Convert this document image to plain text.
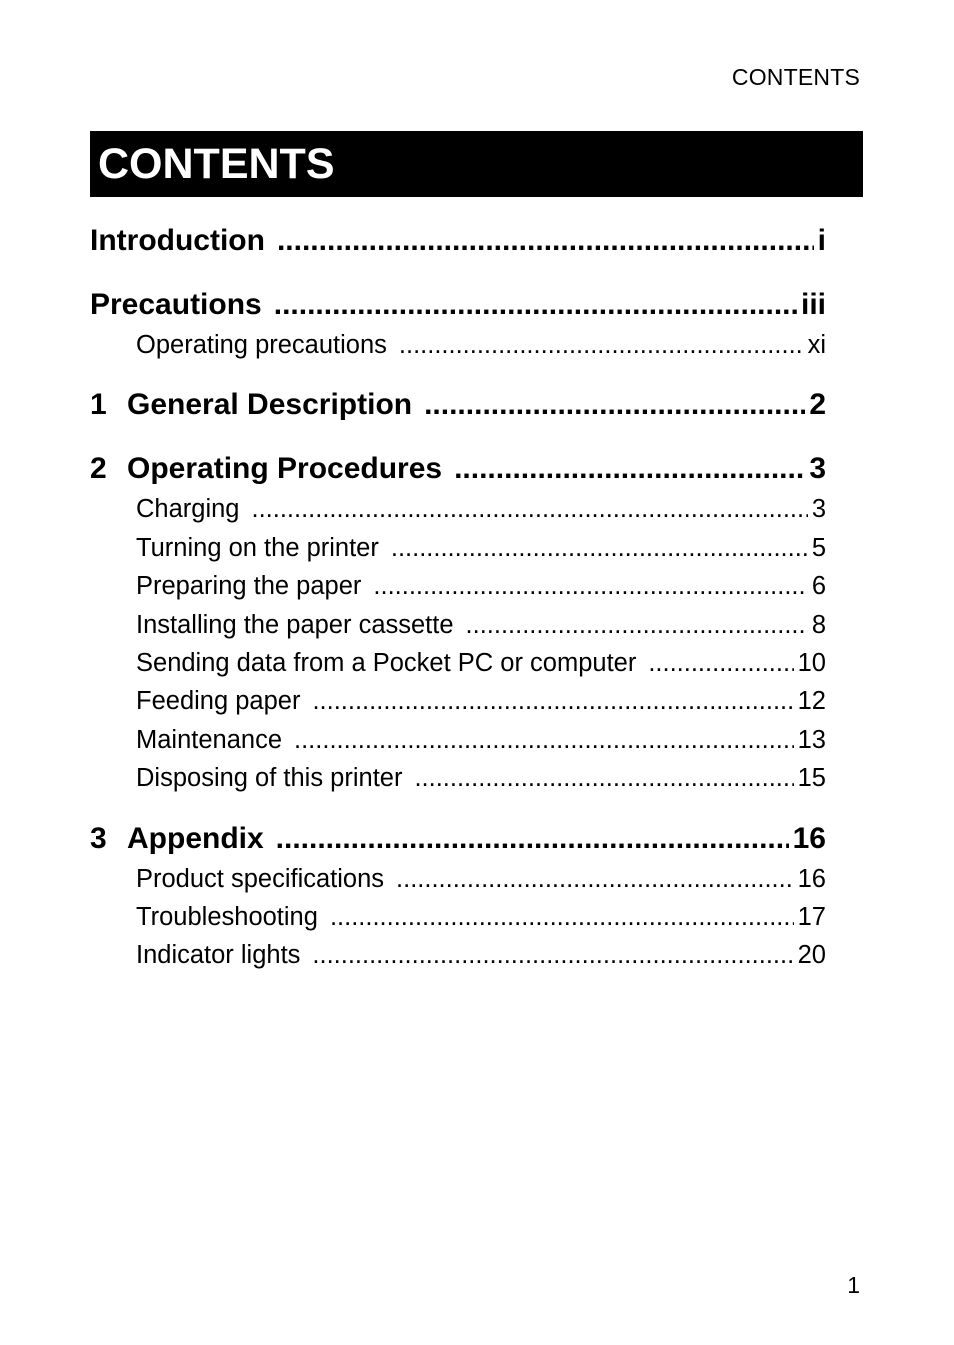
CONTENTS
CONTENTS
Introduction .....	i
Precautions .....	iii
Operating precautions .....	xi
1 General Description .....	2
2 Operating Procedures .....	3
Charging .....	3
Turning on the printer .....	5
Preparing the paper .....	6
Installing the paper cassette .....	8
Sending data from a Pocket PC or computer .....	10
Feeding paper .....	12
Maintenance .....	13
Disposing of this printer .....	15
3 Appendix .....	16
Product specifications .....	16
Troubleshooting .....	17
Indicator lights .....	20
1
